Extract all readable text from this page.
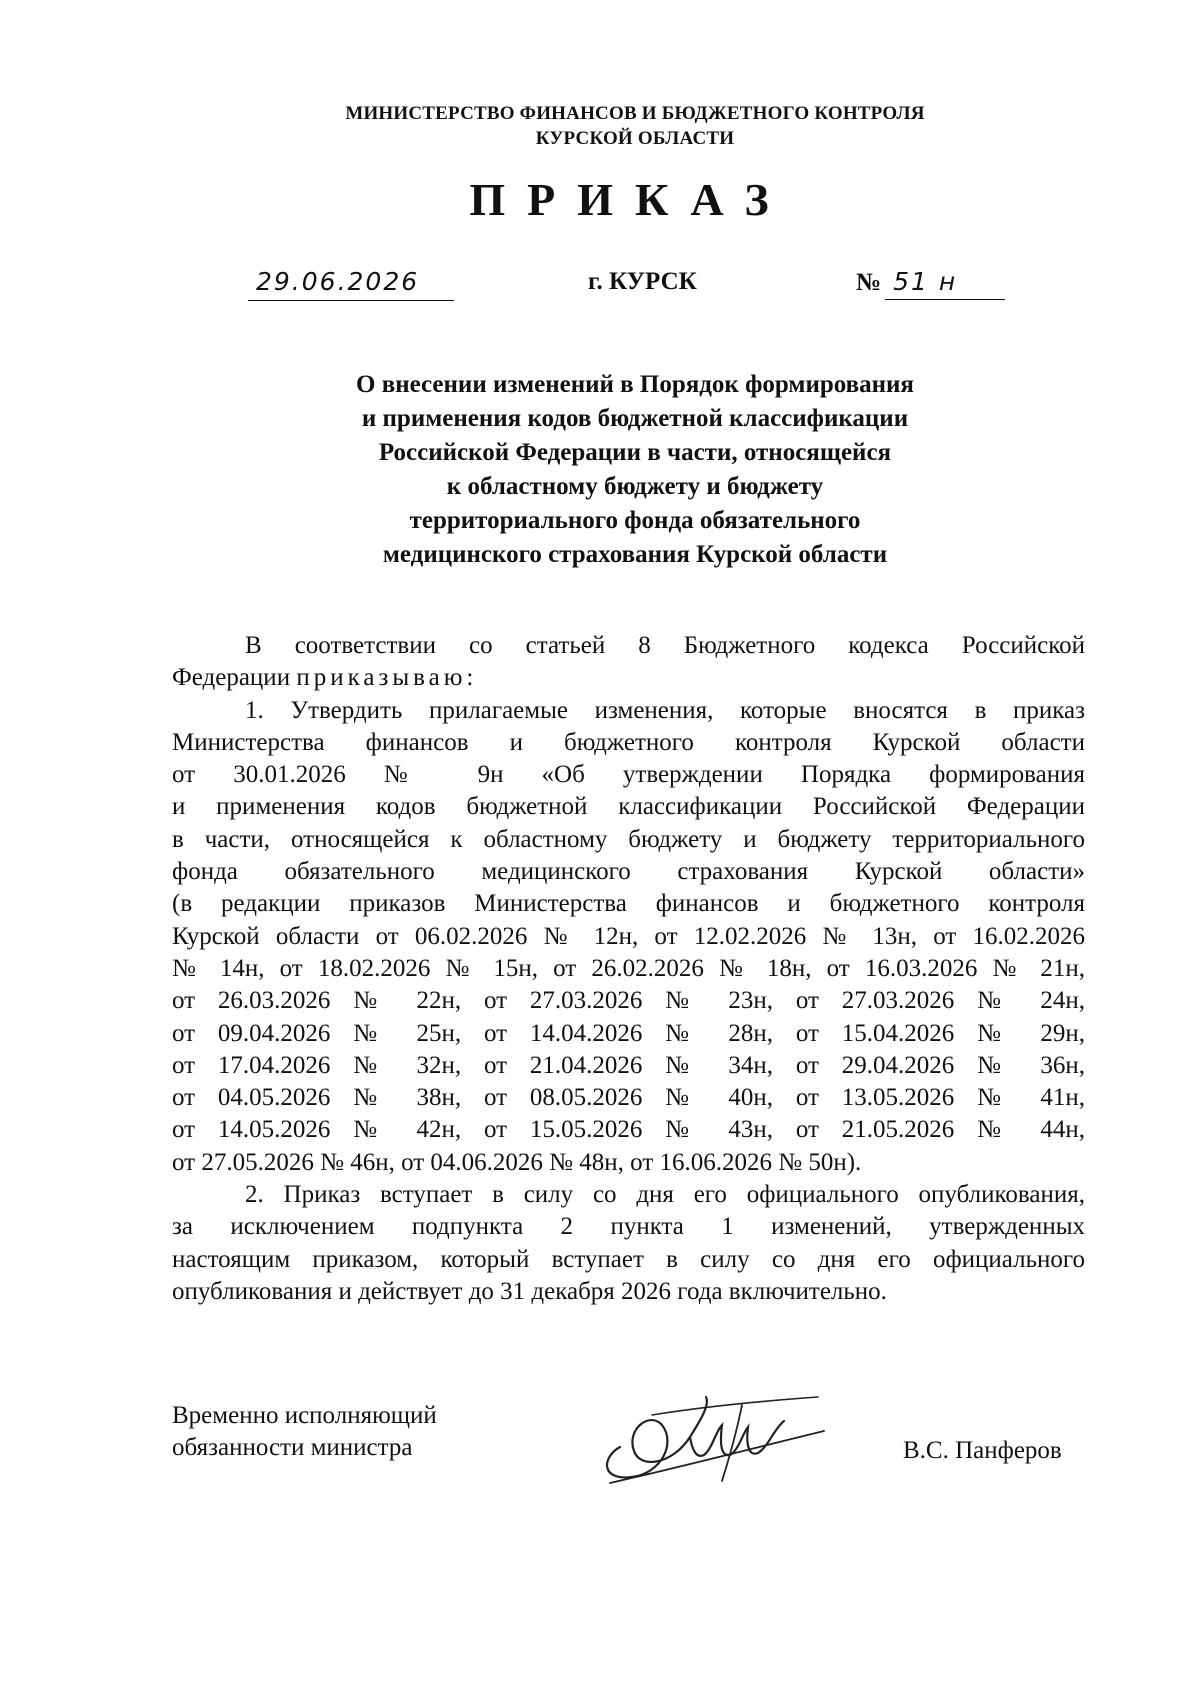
МИНИСТЕРСТВО ФИНАНСОВ И БЮДЖЕТНОГО КОНТРОЛЯ
КУРСКОЙ ОБЛАСТИ
ПРИКАЗ
29.06.2026	г. КУРСК	№ 51 н
О внесении изменений в Порядок формирования
и применения кодов бюджетной классификации
Российской Федерации в части, относящейся
к областному бюджету и бюджету
территориального фонда обязательного
медицинского страхования Курской области
В соответствии со статьей 8 Бюджетного кодекса Российской
Федерации приказываю:
1. Утвердить прилагаемые изменения, которые вносятся в приказ
Министерства финансов и бюджетного контроля Курской области
от 30.01.2026 № 9н «Об утверждении Порядка формирования
и применения кодов бюджетной классификации Российской Федерации
в части, относящейся к областному бюджету и бюджету территориального
фонда обязательного медицинского страхования Курской области»
(в редакции приказов Министерства финансов и бюджетного контроля
Курской области от 06.02.2026 № 12н, от 12.02.2026 № 13н, от 16.02.2026
№ 14н, от 18.02.2026 № 15н, от 26.02.2026 № 18н, от 16.03.2026 № 21н,
от 26.03.2026 № 22н, от 27.03.2026 № 23н, от 27.03.2026 № 24н,
от 09.04.2026 № 25н, от 14.04.2026 № 28н, от 15.04.2026 № 29н,
от 17.04.2026 № 32н, от 21.04.2026 № 34н, от 29.04.2026 № 36н,
от 04.05.2026 № 38н, от 08.05.2026 № 40н, от 13.05.2026 № 41н,
от 14.05.2026 № 42н, от 15.05.2026 № 43н, от 21.05.2026 № 44н,
от 27.05.2026 № 46н, от 04.06.2026 № 48н, от 16.06.2026 № 50н).
2. Приказ вступает в силу со дня его официального опубликования,
за исключением подпункта 2 пункта 1 изменений, утвержденных
настоящим приказом, который вступает в силу со дня его официального
опубликования и действует до 31 декабря 2026 года включительно.
Временно исполняющий
обязанности министра	В.С. Панферов
